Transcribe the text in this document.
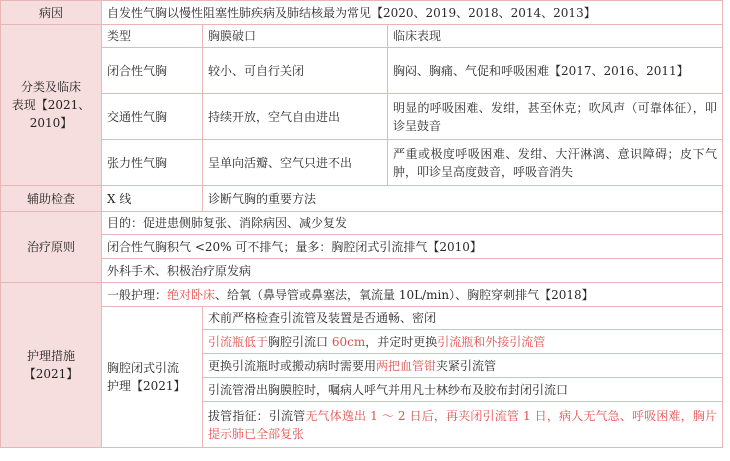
病因	自发性气胸以慢性阻塞性肺疾病及肺结核最为常见【2020、2019、2018、2014、2013】		
分类及临床
表现【2021、
2010】	类型	胸膜破口	临床表现
	闭合性气胸	较小、可自行关闭	胸闷、胸痛、气促和呼吸困难【2017、2016、2011】
	交通性气胸	持续开放，空气自由进出	明显的呼吸困难、发绀，甚至休克；吹风声（可靠体征），叩诊呈鼓音
	张力性气胸	呈单向活瓣、空气只进不出	严重或极度呼吸困难、发绀、大汗淋漓、意识障碍；皮下气肿，叩诊呈高度鼓音，呼吸音消失
辅助检查	X 线	诊断气胸的重要方法	
治疗原则	目的：促进患侧肺复张、消除病因、减少复发		
	闭合性气胸积气 <20% 可不排气；量多：胸腔闭式引流排气【2010】		
	外科手术、积极治疗原发病		
护理措施【2021】	一般护理：绝对卧床、给氧（鼻导管或鼻塞法，氧流量 10L/min）、胸腔穿刺排气【2018】		
	胸腔闭式引流
护理【2021】	术前严格检查引流管及装置是否通畅、密闭	
		引流瓶低于胸腔引流口 60cm，并定时更换引流瓶和外接引流管	
		更换引流瓶时或搬动病时需要用两把血管钳夹紧引流管	
		引流管滑出胸膜腔时，嘱病人呼气并用凡士林纱布及胶布封闭引流口	
		拔管指征：引流管无气体逸出 1 ～ 2 日后，再夹闭引流管 1 日，病人无气急、呼吸困难，胸片提示肺已全部复张	
